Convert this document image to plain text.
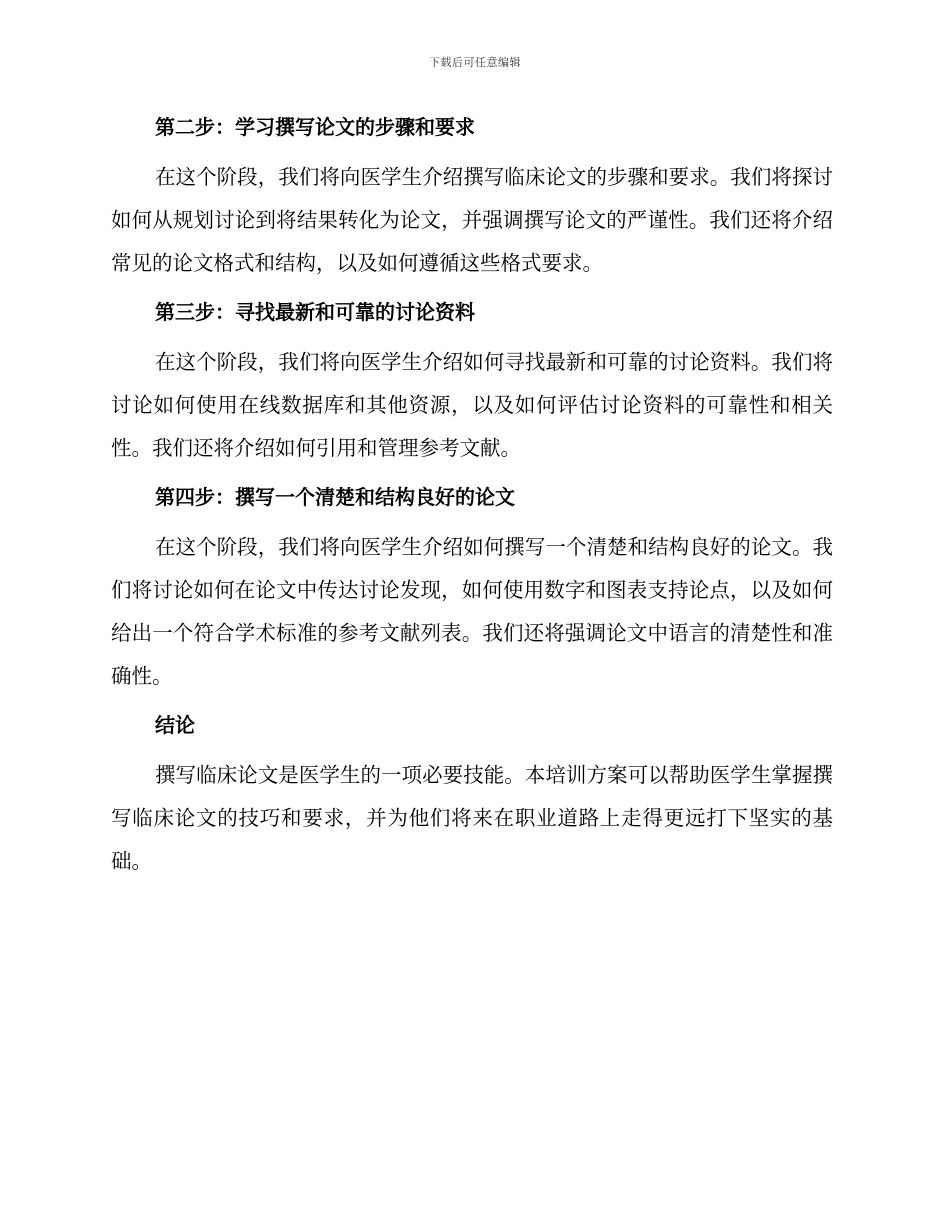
下载后可任意编辑
第二步：学习撰写论文的步骤和要求

在这个阶段，我们将向医学生介绍撰写临床论文的步骤和要求。我们将探讨如何从规划讨论到将结果转化为论文，并强调撰写论文的严谨性。我们还将介绍常见的论文格式和结构，以及如何遵循这些格式要求。

第三步：寻找最新和可靠的讨论资料

在这个阶段，我们将向医学生介绍如何寻找最新和可靠的讨论资料。我们将讨论如何使用在线数据库和其他资源，以及如何评估讨论资料的可靠性和相关性。我们还将介绍如何引用和管理参考文献。

第四步：撰写一个清楚和结构良好的论文

在这个阶段，我们将向医学生介绍如何撰写一个清楚和结构良好的论文。我们将讨论如何在论文中传达讨论发现，如何使用数字和图表支持论点，以及如何给出一个符合学术标准的参考文献列表。我们还将强调论文中语言的清楚性和准确性。

结论

撰写临床论文是医学生的一项必要技能。本培训方案可以帮助医学生掌握撰写临床论文的技巧和要求，并为他们将来在职业道路上走得更远打下坚实的基础。
